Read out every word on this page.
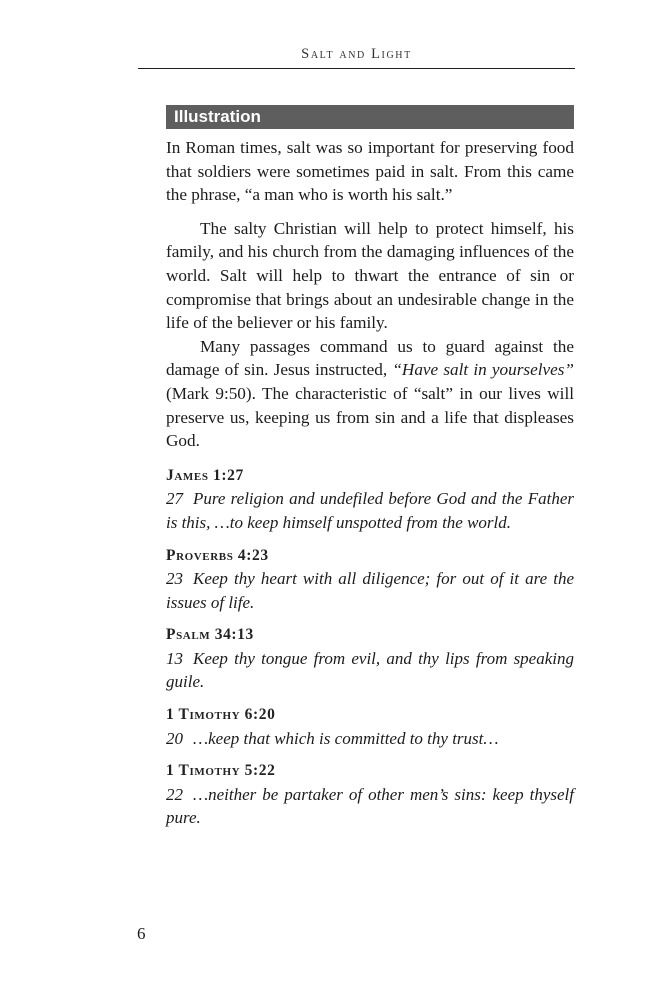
Salt and Light
Illustration

In Roman times, salt was so important for preserving food that soldiers were sometimes paid in salt. From this came the phrase, “a man who is worth his salt.”

The salty Christian will help to protect himself, his family, and his church from the damaging influences of the world. Salt will help to thwart the entrance of sin or compromise that brings about an undesirable change in the life of the believer or his family.

Many passages command us to guard against the damage of sin. Jesus instructed, “Have salt in yourselves” (Mark 9:50). The characteristic of “salt” in our lives will preserve us, keeping us from sin and a life that displeases God.

James 1:27
27 Pure religion and undefiled before God and the Father is this, …to keep himself unspotted from the world.
Proverbs 4:23
23 Keep thy heart with all diligence; for out of it are the issues of life.
Psalm 34:13
13 Keep thy tongue from evil, and thy lips from speaking guile.
1 Timothy 6:20
20 …keep that which is committed to thy trust…
1 Timothy 5:22
22 …neither be partaker of other men’s sins: keep thyself pure.
6
